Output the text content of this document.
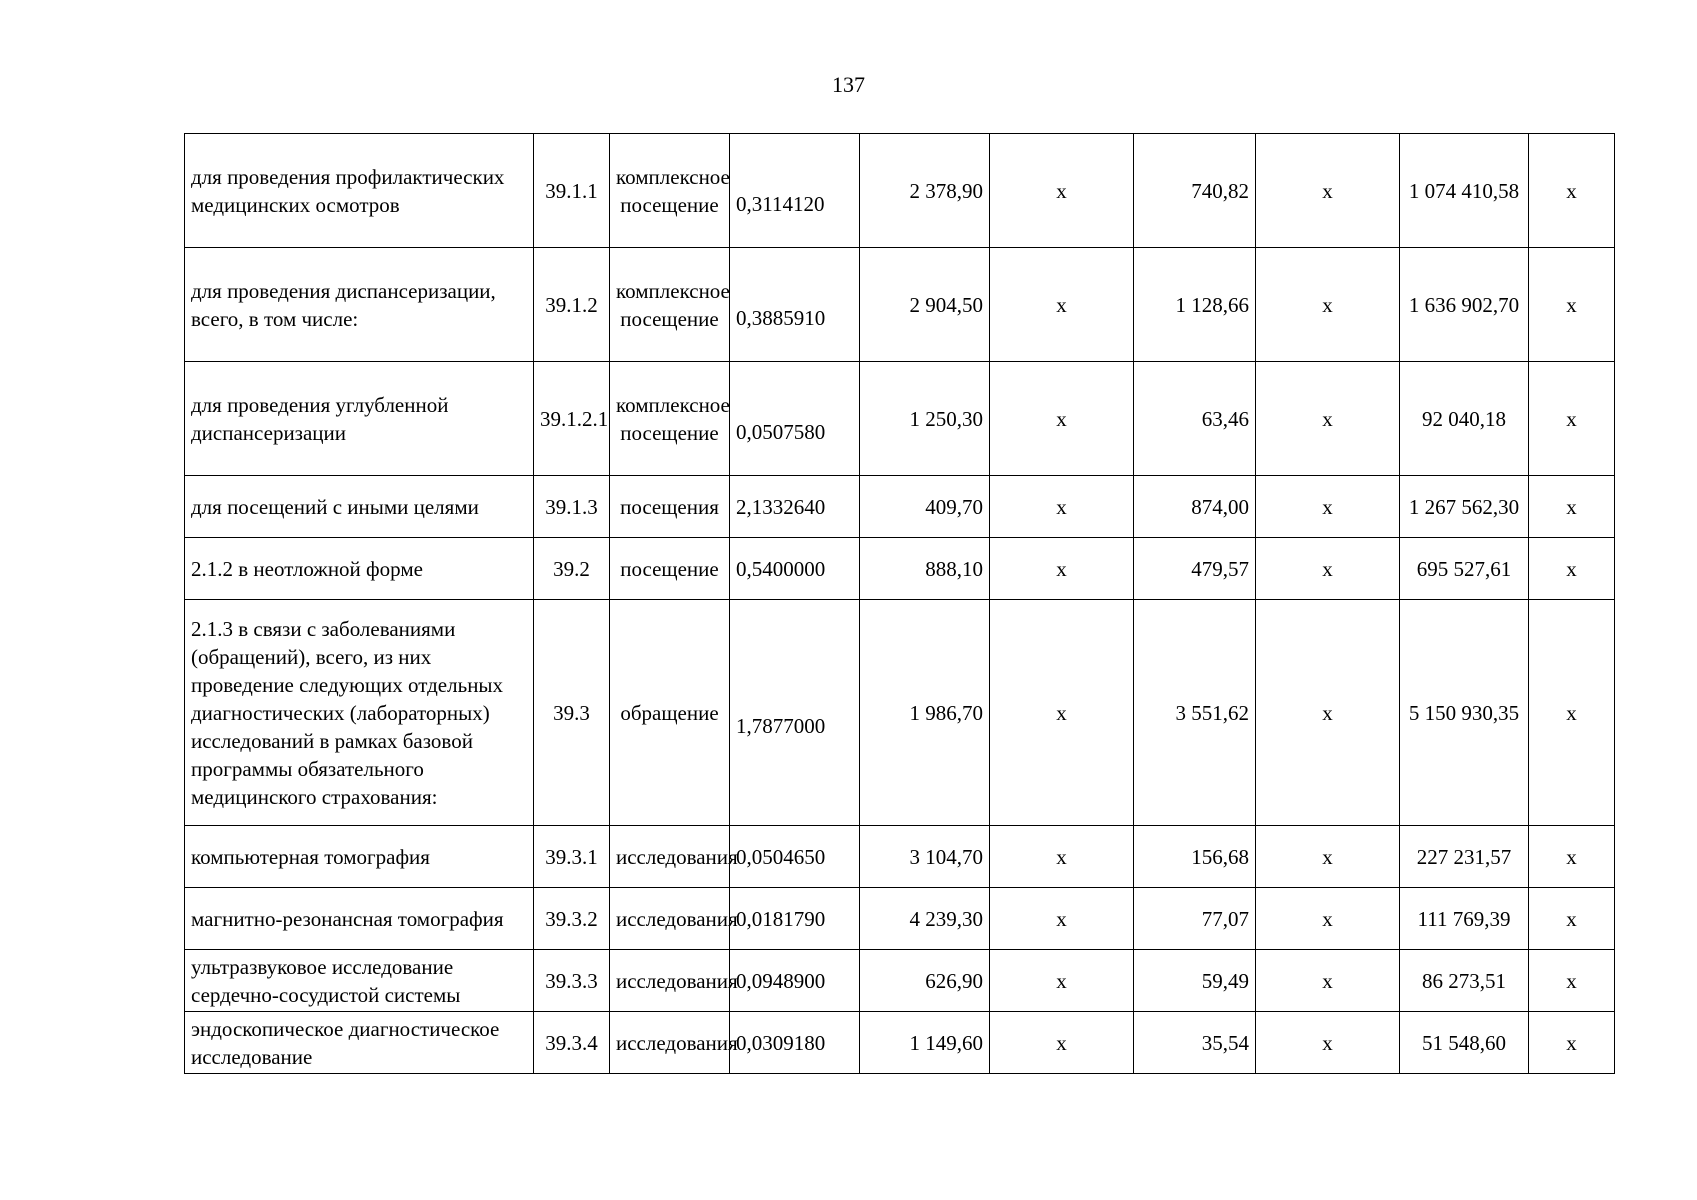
137
для проведения профилактических медицинских осмотров	39.1.1	комплексное посещение	0,3114120	2 378,90	х	740,82	х	1 074 410,58	х
для проведения диспансеризации, всего, в том числе:	39.1.2	комплексное посещение	0,3885910	2 904,50	х	1 128,66	х	1 636 902,70	х
для проведения углубленной диспансеризации	39.1.2.1	комплексное посещение	0,0507580	1 250,30	х	63,46	х	92 040,18	х
для посещений с иными целями	39.1.3	посещения	2,1332640	409,70	х	874,00	х	1 267 562,30	х
2.1.2 в неотложной форме	39.2	посещение	0,5400000	888,10	х	479,57	х	695 527,61	х
2.1.3 в связи с заболеваниями (обращений), всего, из них проведение следующих отдельных диагностических (лабораторных) исследований в рамках базовой программы обязательного медицинского страхования:	39.3	обращение	1,7877000	1 986,70	х	3 551,62	х	5 150 930,35	х
компьютерная томография	39.3.1	исследования	0,0504650	3 104,70	х	156,68	х	227 231,57	х
магнитно-резонансная томография	39.3.2	исследования	0,0181790	4 239,30	х	77,07	х	111 769,39	х
ультразвуковое исследование сердечно-сосудистой системы	39.3.3	исследования	0,0948900	626,90	х	59,49	х	86 273,51	х
эндоскопическое диагностическое исследование	39.3.4	исследования	0,0309180	1 149,60	х	35,54	х	51 548,60	х
